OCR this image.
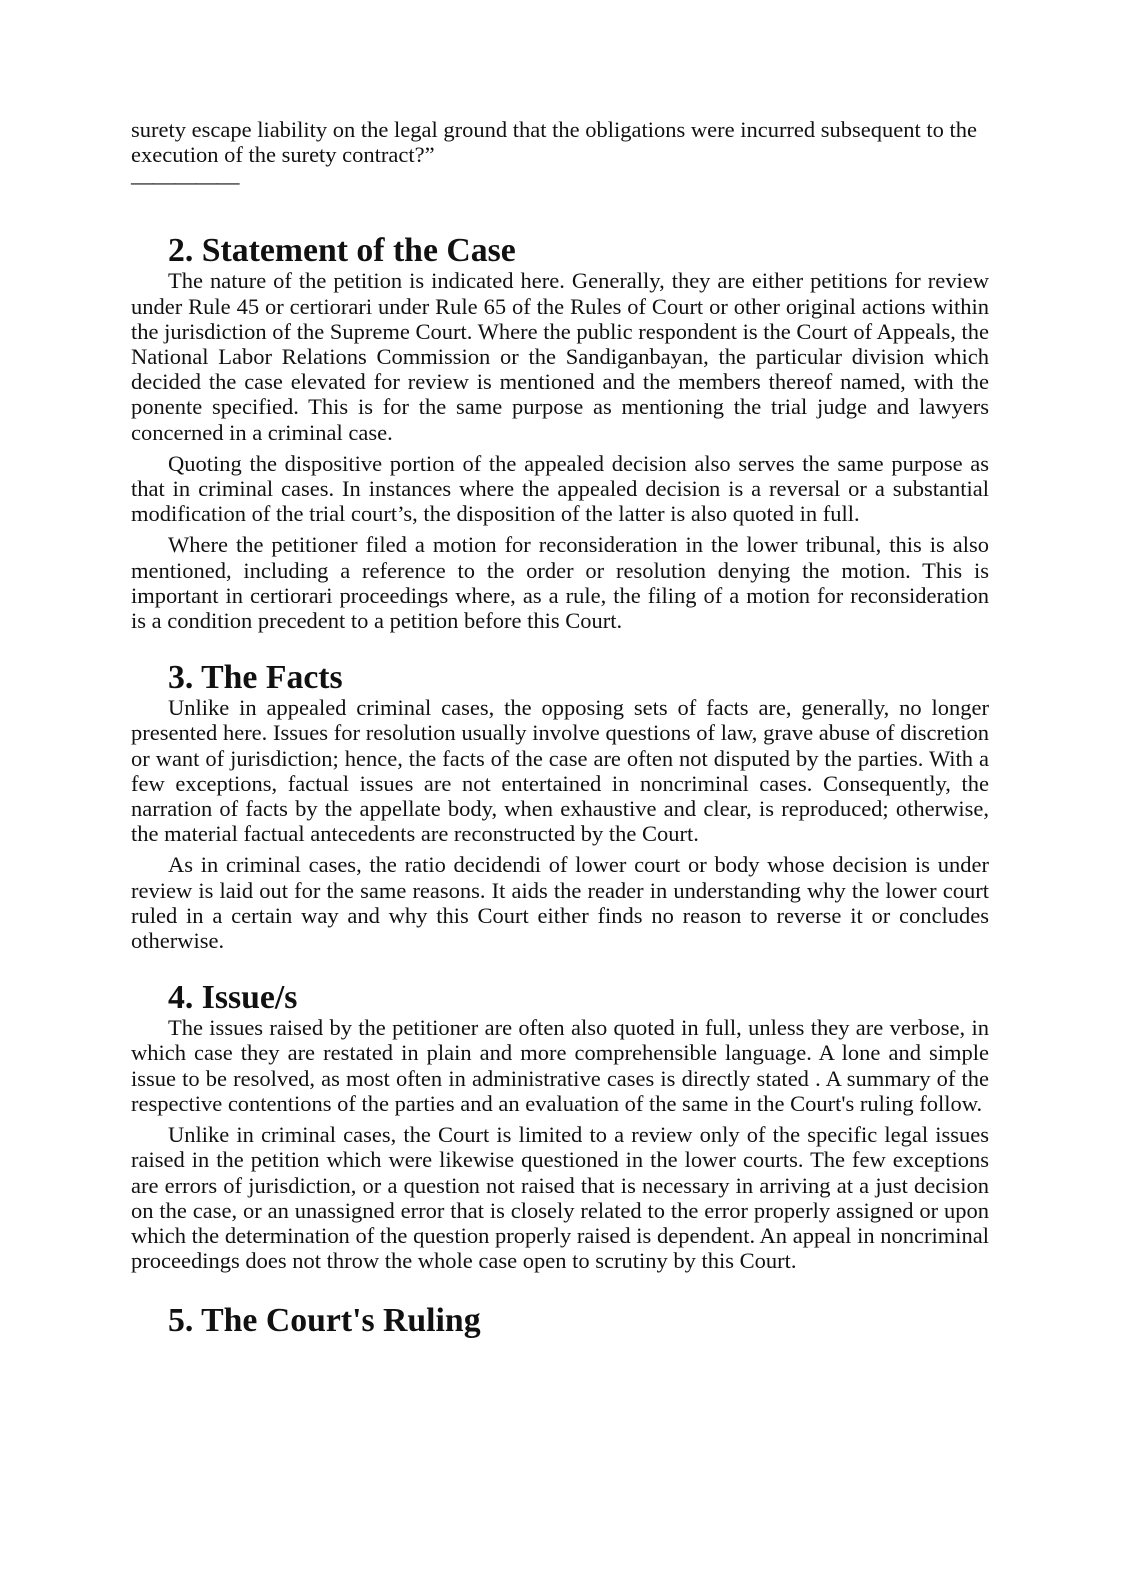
surety escape liability on the legal ground that the obligations were incurred subsequent to the execution of the surety contract?”

—————
2. Statement of the Case

The nature of the petition is indicated here. Generally, they are either petitions for review under Rule 45 or certiorari under Rule 65 of the Rules of Court or other original actions within the jurisdiction of the Supreme Court. Where the public respondent is the Court of Appeals, the National Labor Relations Commission or the Sandiganbayan, the particular division which decided the case elevated for review is mentioned and the members thereof named, with the ponente specified. This is for the same purpose as mentioning the trial judge and lawyers concerned in a criminal case.

Quoting the dispositive portion of the appealed decision also serves the same purpose as that in criminal cases. In instances where the appealed decision is a reversal or a substantial modification of the trial court’s, the disposition of the latter is also quoted in full.

Where the petitioner filed a motion for reconsideration in the lower tribunal, this is also mentioned, including a reference to the order or resolution denying the motion. This is important in certiorari proceedings where, as a rule, the filing of a motion for reconsideration is a condition precedent to a petition before this Court.

3. The Facts

Unlike in appealed criminal cases, the opposing sets of facts are, generally, no longer presented here. Issues for resolution usually involve questions of law, grave abuse of discretion or want of jurisdiction; hence, the facts of the case are often not disputed by the parties. With a few exceptions, factual issues are not entertained in noncriminal cases. Consequently, the narration of facts by the appellate body, when exhaustive and clear, is reproduced; otherwise, the material factual antecedents are reconstructed by the Court.

As in criminal cases, the ratio decidendi of lower court or body whose decision is under review is laid out for the same reasons. It aids the reader in understanding why the lower court ruled in a certain way and why this Court either finds no reason to reverse it or concludes otherwise.

4. Issue/s

The issues raised by the petitioner are often also quoted in full, unless they are verbose, in which case they are restated in plain and more comprehensible language. A lone and simple issue to be resolved, as most often in administrative cases is directly stated . A summary of the respective contentions of the parties and an evaluation of the same in the Court's ruling follow.

Unlike in criminal cases, the Court is limited to a review only of the specific legal issues raised in the petition which were likewise questioned in the lower courts. The few exceptions are errors of jurisdiction, or a question not raised that is necessary in arriving at a just decision on the case, or an unassigned error that is closely related to the error properly assigned or upon which the determination of the question properly raised is dependent. An appeal in noncriminal proceedings does not throw the whole case open to scrutiny by this Court.

5. The Court's Ruling
